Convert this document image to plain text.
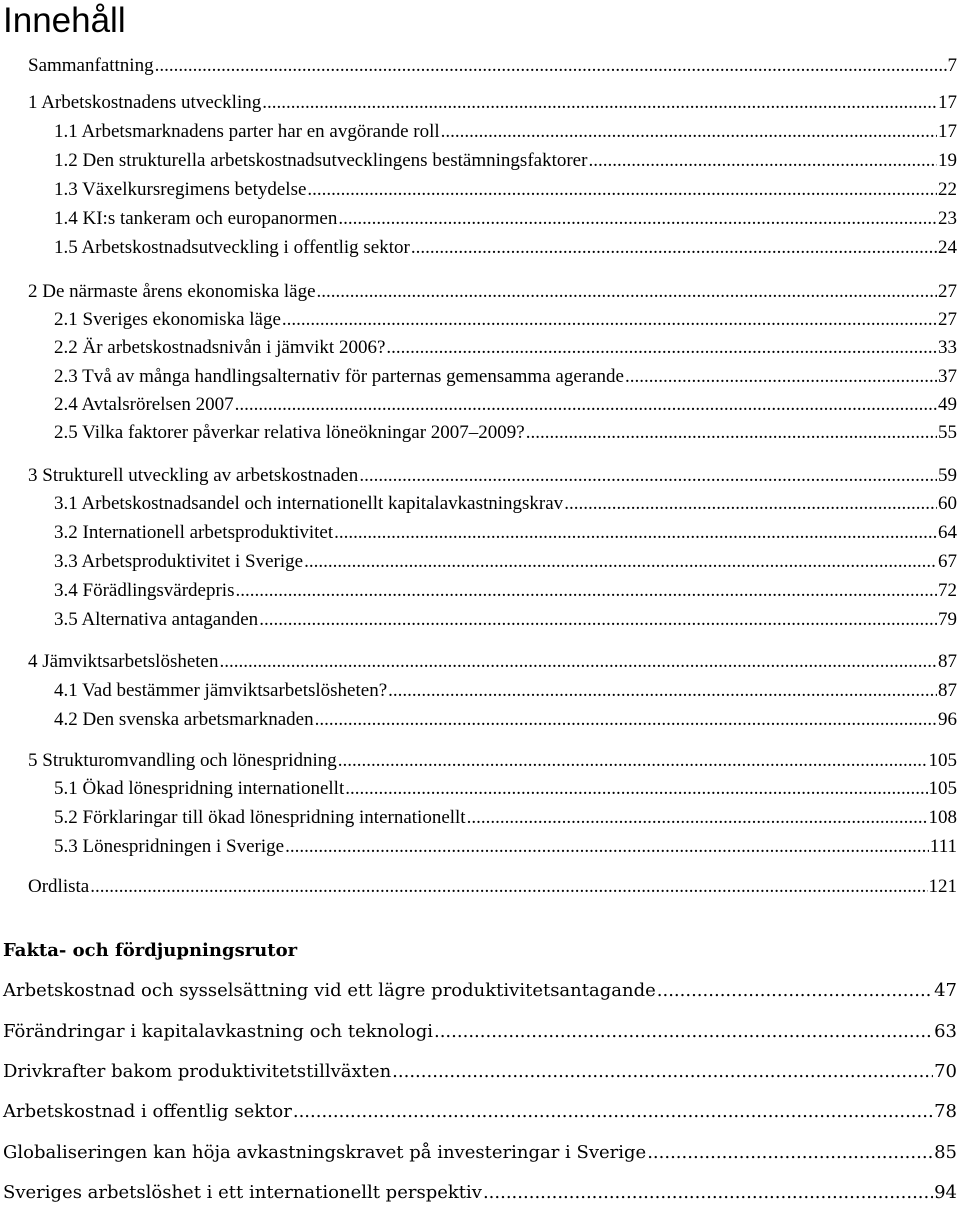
Innehåll
Sammanfattning .....	7
1 Arbetskostnadens utveckling .....	17
1.1 Arbetsmarknadens parter har en avgörande roll .....	17
1.2 Den strukturella arbetskostnadsutvecklingens bestämningsfaktorer .....	19
1.3 Växelkursregimens betydelse .....	22
1.4 KI:s tankeram och europanormen .....	23
1.5 Arbetskostnadsutveckling i offentlig sektor .....	24
2 De närmaste årens ekonomiska läge .....	27
2.1 Sveriges ekonomiska läge .....	27
2.2 Är arbetskostnadsnivån i jämvikt 2006? .....	33
2.3 Två av många handlingsalternativ för parternas gemensamma agerande .....	37
2.4 Avtalsrörelsen 2007 .....	49
2.5 Vilka faktorer påverkar relativa löneökningar 2007–2009? .....	55
3 Strukturell utveckling av arbetskostnaden .....	59
3.1 Arbetskostnadsandel och internationellt kapitalavkastningskrav .....	60
3.2 Internationell arbetsproduktivitet .....	64
3.3 Arbetsproduktivitet i Sverige .....	67
3.4 Förädlingsvärdepris .....	72
3.5 Alternativa antaganden .....	79
4 Jämviktsarbetslösheten .....	87
4.1 Vad bestämmer jämviktsarbetslösheten? .....	87
4.2 Den svenska arbetsmarknaden .....	96
5 Strukturomvandling och lönespridning .....	105
5.1 Ökad lönespridning internationellt .....	105
5.2 Förklaringar till ökad lönespridning internationellt .....	108
5.3 Lönespridningen i Sverige .....	111
Ordlista .....	121
Fakta- och fördjupningsrutor
Arbetskostnad och sysselsättning vid ett lägre produktivitetsantagande .....	47
Förändringar i kapitalavkastning och teknologi .....	63
Drivkrafter bakom produktivitetstillväxten .....	70
Arbetskostnad i offentlig sektor .....	78
Globaliseringen kan höja avkastningskravet på investeringar i Sverige .....	85
Sveriges arbetslöshet i ett internationellt perspektiv .....	94
